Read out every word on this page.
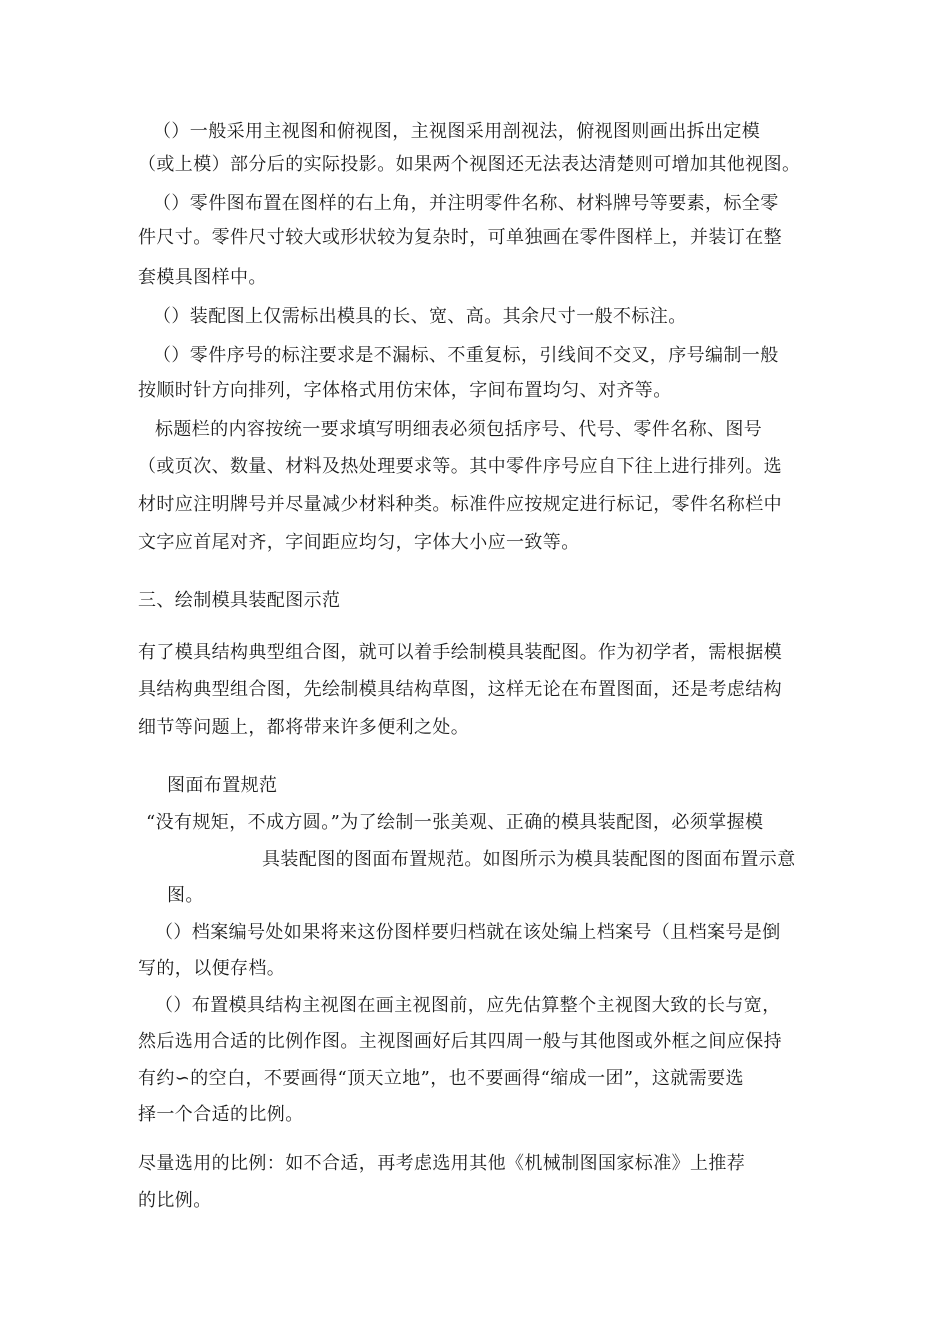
（）一般采用主视图和俯视图，主视图采用剖视法，俯视图则画出拆出定模
（或上模）部分后的实际投影。如果两个视图还无法表达清楚则可增加其他视图。
（）零件图布置在图样的右上角，并注明零件名称、材料牌号等要素，标全零
件尺寸。零件尺寸较大或形状较为复杂时，可单独画在零件图样上，并装订在整
套模具图样中。
（）装配图上仅需标出模具的长、宽、高。其余尺寸一般不标注。
（）零件序号的标注要求是不漏标、不重复标，引线间不交叉，序号编制一般
按顺时针方向排列，字体格式用仿宋体，字间布置均匀、对齐等。
标题栏的内容按统一要求填写明细表必须包括序号、代号、零件名称、图号
（或页次、数量、材料及热处理要求等。其中零件序号应自下往上进行排列。选
材时应注明牌号并尽量减少材料种类。标准件应按规定进行标记，零件名称栏中
文字应首尾对齐，字间距应均匀，字体大小应一致等。
三、绘制模具装配图示范
有了模具结构典型组合图，就可以着手绘制模具装配图。作为初学者，需根据模
具结构典型组合图，先绘制模具结构草图，这样无论在布置图面，还是考虑结构
细节等问题上，都将带来许多便利之处。
图面布置规范
“没有规矩，不成方圆。”为了绘制一张美观、正确的模具装配图，必须掌握模
具装配图的图面布置规范。如图所示为模具装配图的图面布置示意
图。
（）档案编号处如果将来这份图样要归档就在该处编上档案号（且档案号是倒
写的，以便存档。
（）布置模具结构主视图在画主视图前，应先估算整个主视图大致的长与宽，
然后选用合适的比例作图。主视图画好后其四周一般与其他图或外框之间应保持
有约∽的空白，不要画得“顶天立地”，也不要画得“缩成一团”，这就需要选
择一个合适的比例。
尽量选用的比例：如不合适，再考虑选用其他《机械制图国家标准》上推荐
的比例。
